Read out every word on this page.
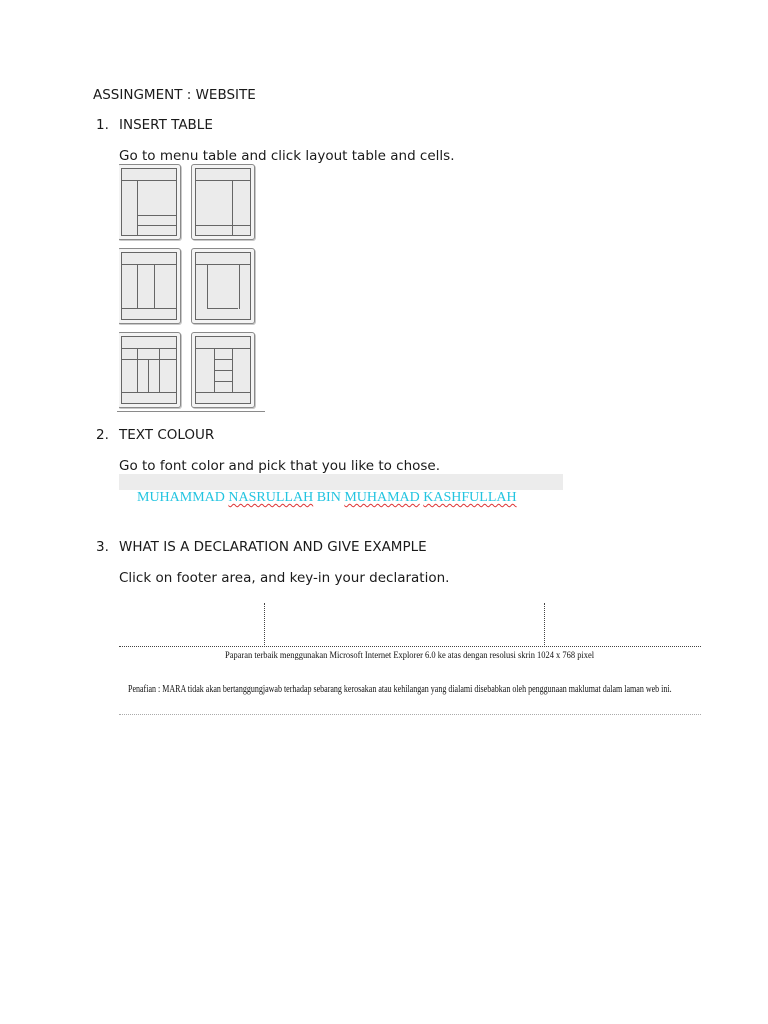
ASSINGMENT : WEBSITE
1. INSERT TABLE
Go to menu table and click layout table and cells.
2. TEXT COLOUR
Go to font color and pick that you like to chose.
MUHAMMAD NASRULLAH BIN MUHAMAD KASHFULLAH
3. WHAT IS A DECLARATION AND GIVE EXAMPLE
Click on footer area, and key-in your declaration.
Paparan terbaik menggunakan Microsoft Internet Explorer 6.0 ke atas dengan resolusi skrin 1024 x 768 pixel
Penafian : MARA tidak akan bertanggungjawab terhadap sebarang kerosakan atau kehilangan yang dialami disebabkan oleh penggunaan maklumat dalam laman web ini.
